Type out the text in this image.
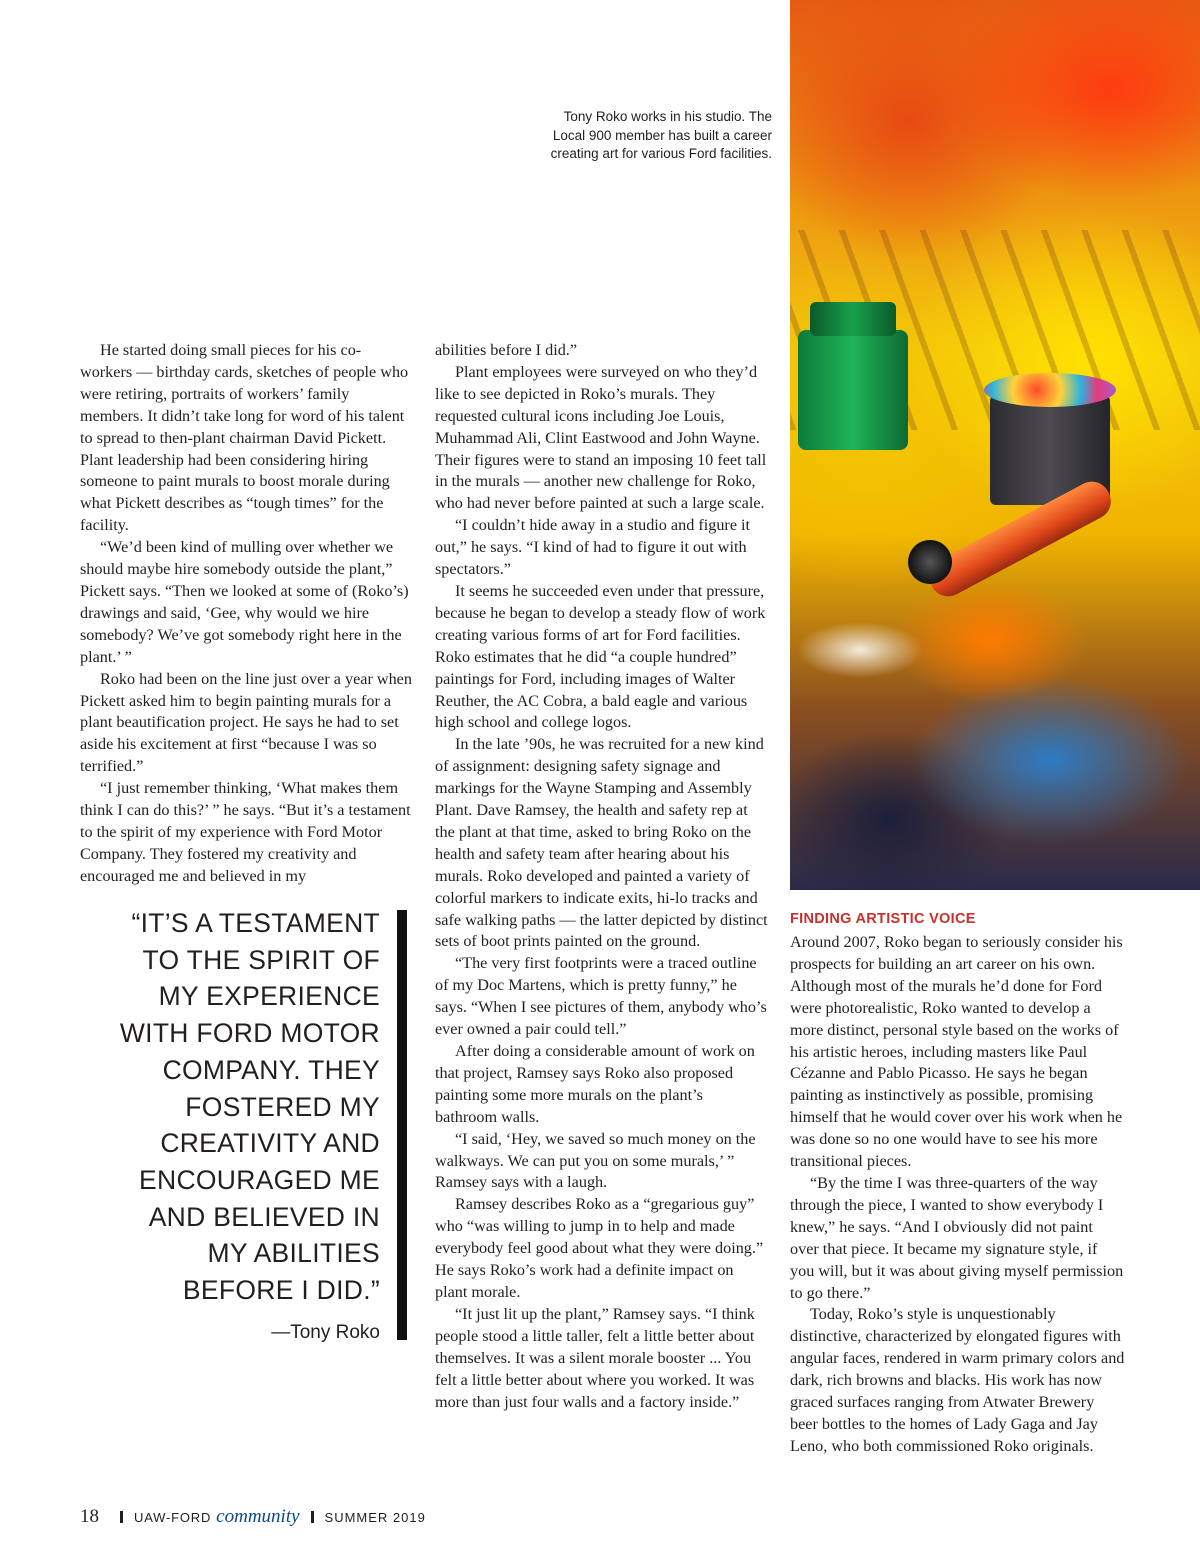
Tony Roko works in his studio. The Local 900 member has built a career creating art for various Ford facilities.

He started doing small pieces for his co-workers — birthday cards, sketches of people who were retiring, portraits of workers’ family members. It didn’t take long for word of his talent to spread to then-plant chairman David Pickett. Plant leadership had been considering hiring someone to paint murals to boost morale during what Pickett describes as “tough times” for the facility.

“We’d been kind of mulling over whether we should maybe hire somebody outside the plant,” Pickett says. “Then we looked at some of (Roko’s) drawings and said, ‘Gee, why would we hire somebody? We’ve got somebody right here in the plant.’ ”

Roko had been on the line just over a year when Pickett asked him to begin painting murals for a plant beautification project. He says he had to set aside his excitement at first “because I was so terrified.”

“I just remember thinking, ‘What makes them think I can do this?’ ” he says. “But it’s a testament to the spirit of my experience with Ford Motor Company. They fostered my creativity and encouraged me and believed in my

abilities before I did.”

Plant employees were surveyed on who they’d like to see depicted in Roko’s murals. They requested cultural icons including Joe Louis, Muhammad Ali, Clint Eastwood and John Wayne. Their figures were to stand an imposing 10 feet tall in the murals — another new challenge for Roko, who had never before painted at such a large scale.

“I couldn’t hide away in a studio and figure it out,” he says. “I kind of had to figure it out with spectators.”

It seems he succeeded even under that pressure, because he began to develop a steady flow of work creating various forms of art for Ford facilities. Roko estimates that he did “a couple hundred” paintings for Ford, including images of Walter Reuther, the AC Cobra, a bald eagle and various high school and college logos.

In the late ’90s, he was recruited for a new kind of assignment: designing safety signage and markings for the Wayne Stamping and Assembly Plant. Dave Ramsey, the health and safety rep at the plant at that time, asked to bring Roko on the health and safety team after hearing about his murals. Roko developed and painted a variety of colorful markers to indicate exits, hi-lo tracks and safe walking paths — the latter depicted by distinct sets of boot prints painted on the ground.

“The very first footprints were a traced outline of my Doc Martens, which is pretty funny,” he says. “When I see pictures of them, anybody who’s ever owned a pair could tell.”

After doing a considerable amount of work on that project, Ramsey says Roko also proposed painting some more murals on the plant’s bathroom walls.

“I said, ‘Hey, we saved so much money on the walkways. We can put you on some murals,’ ” Ramsey says with a laugh.

Ramsey describes Roko as a “gregarious guy” who “was willing to jump in to help and made everybody feel good about what they were doing.” He says Roko’s work had a definite impact on plant morale.

“It just lit up the plant,” Ramsey says. “I think people stood a little taller, felt a little better about themselves. It was a silent morale booster ... You felt a little better about where you worked. It was more than just four walls and a factory inside.”

FINDING ARTISTIC VOICE

Around 2007, Roko began to seriously consider his prospects for building an art career on his own. Although most of the murals he’d done for Ford were photorealistic, Roko wanted to develop a more distinct, personal style based on the works of his artistic heroes, including masters like Paul Cézanne and Pablo Picasso. He says he began painting as instinctively as possible, promising himself that he would cover over his work when he was done so no one would have to see his more transitional pieces.

“By the time I was three-quarters of the way through the piece, I wanted to show everybody I knew,” he says. “And I obviously did not paint over that piece. It became my signature style, if you will, but it was about giving myself permission to go there.”

Today, Roko’s style is unquestionably distinctive, characterized by elongated figures with angular faces, rendered in warm primary colors and dark, rich browns and blacks. His work has now graced surfaces ranging from Atwater Brewery beer bottles to the homes of Lady Gaga and Jay Leno, who both commissioned Roko originals.

“IT’S A TESTAMENT TO THE SPIRIT OF MY EXPERIENCE WITH FORD MOTOR COMPANY. THEY FOSTERED MY CREATIVITY AND ENCOURAGED ME AND BELIEVED IN MY ABILITIES BEFORE I DID.”
—Tony Roko
18	UAW-FORD community SUMMER 2019
